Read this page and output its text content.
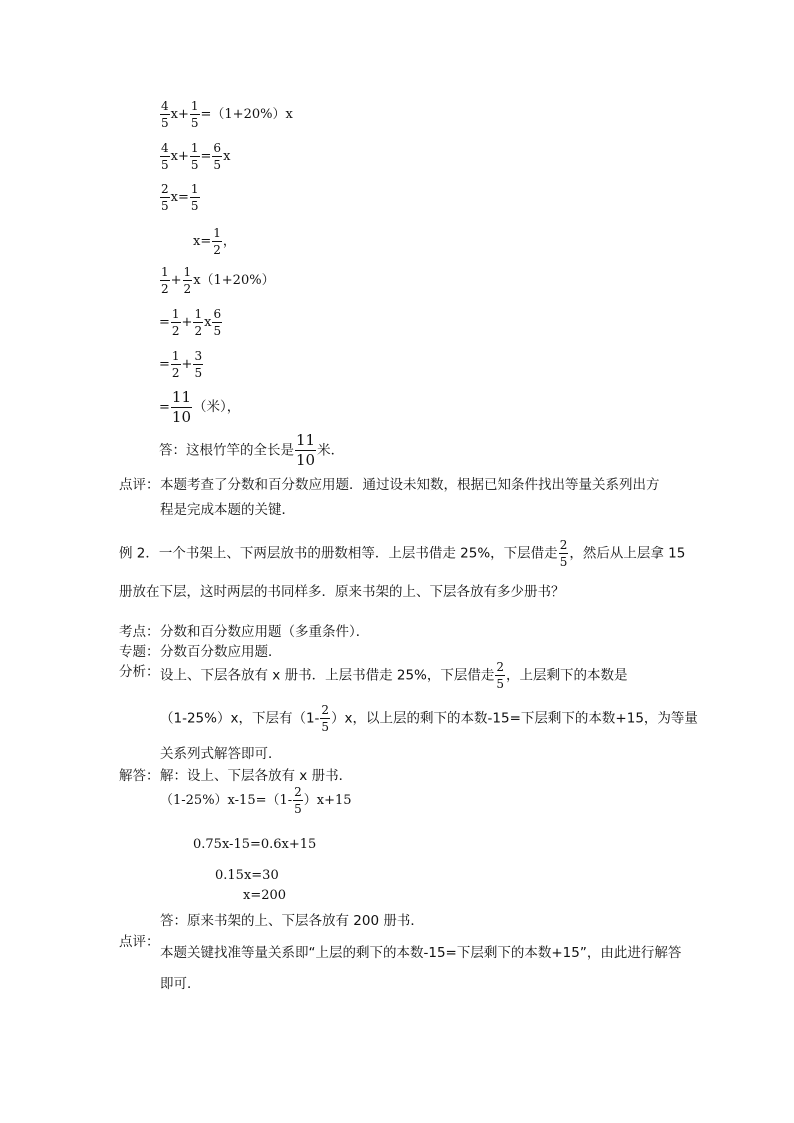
$\frac{4}{5} x+ \frac{1}{5} =(1+20\%)x$
$\frac{4}{5} x+ \frac{1}{5} = \frac{6}{5}$ x
$\frac{2}{5} x= \frac{1}{5}$
$x= \frac{1}{2}$ ，
$\frac{1}{2} + \frac{1}{2} x(1+20\%)$
= $\frac{1}{2} + \frac{1}{2}$ x $\frac{6}{5}$
= $\frac{1}{2} + \frac{3}{5}$
= $\frac{11}{10}$ （米），
答：这根竹竿的全长是 $\frac{11}{10}$ 米．
点评： 本题考查了分数和百分数应用题．通过设未知数，根据已知条件找出等量关系列出方
程是完成本题的关键．
例 2．一个书架上、下两层放书的册数相等．上层书借走 25%，下层借走 $\frac{2}{5}$ ，然后从上层拿 15
册放在下层，这时两层的书同样多．原来书架的上、下层各放有多少册书？
考点： 分数和百分数应用题（多重条件）．
专题： 分数百分数应用题．
分析： 设上、下层各放有 x 册书．上层书借走 25%，下层借走 $\frac{2}{5}$ ，上层剩下的本数是
（1-25%）x，下层有$(1- \frac{2}{5} )x$，以上层的剩下的本数-15=下层剩下的本数+15，为等量
关系列式解答即可．
解答： 解：设上、下层各放有 x 册书．
$(1-25\%)x-15=(1- \frac{2}{5} )x+15$
0.75x-15=0.6x+15
0.15x=30
x=200
答：原来书架的上、下层各放有 200 册书．
点评：
本题关键找准等量关系即“上层的剩下的本数-15=下层剩下的本数+15”，由此进行解答
即可．
